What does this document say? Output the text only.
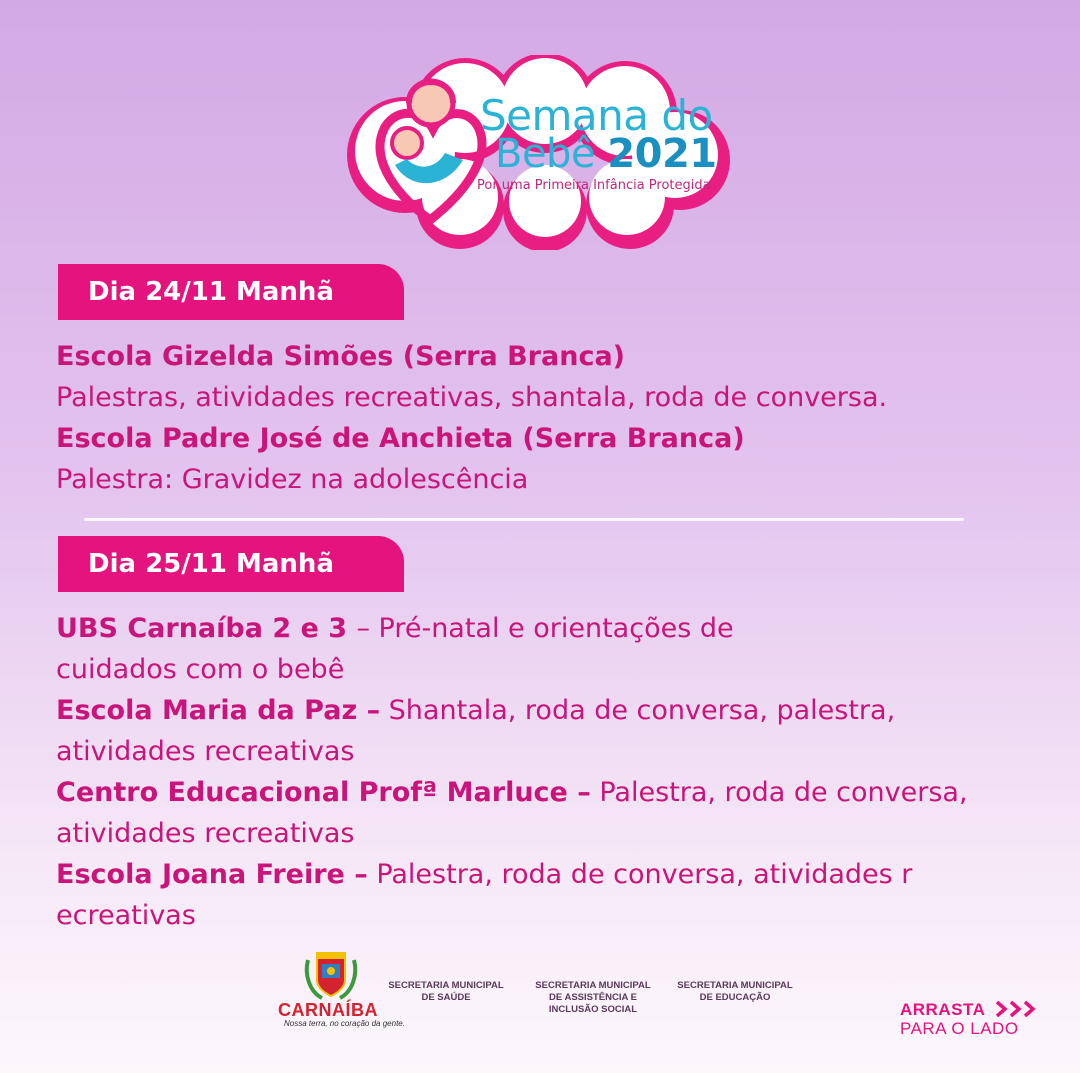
Semana do
Bebê 2021
Por uma Primeira Infância Protegida
Dia 24/11 Manhã
Escola Gizelda Simões (Serra Branca)
Palestras, atividades recreativas, shantala, roda de conversa.
Escola Padre José de Anchieta (Serra Branca)
Palestra: Gravidez na adolescência
Dia 25/11 Manhã
UBS Carnaíba 2 e 3 – Pré-natal e orientações de
cuidados com o bebê
Escola Maria da Paz – Shantala, roda de conversa, palestra,
atividades recreativas
Centro Educacional Profª Marluce – Palestra, roda de conversa,
atividades recreativas
Escola Joana Freire – Palestra, roda de conversa, atividades r
ecreativas
CARNAÍBA
Nossa terra, no coração da gente.
SECRETARIA MUNICIPAL
DE SAÚDE
SECRETARIA MUNICIPAL
DE ASSISTÊNCIA E
INCLUSÃO SOCIAL
SECRETARIA MUNICIPAL
DE EDUCAÇÃO
ARRASTA
PARA O LADO
